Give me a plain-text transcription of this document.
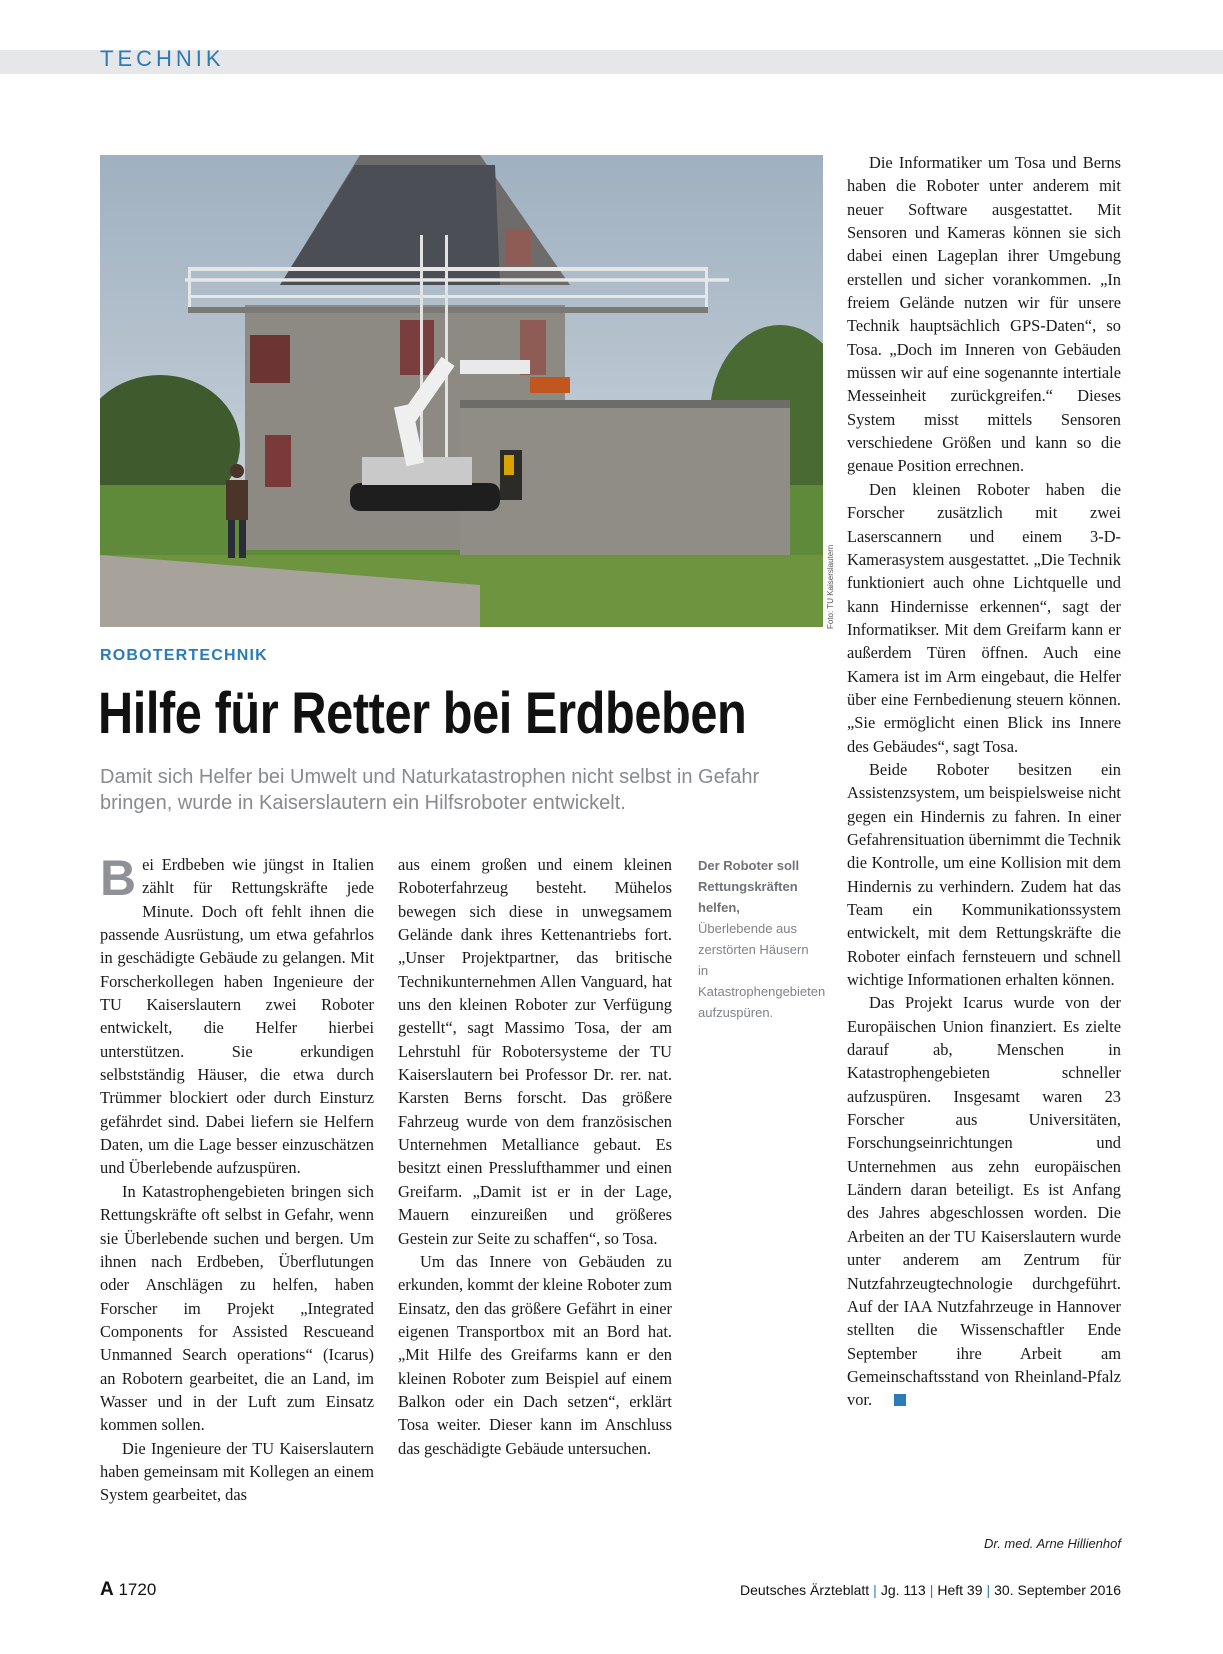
TECHNIK
Foto: TU Kaiserslautern
ROBOTERTECHNIK
Hilfe für Retter bei Erdbeben
Damit sich Helfer bei Umwelt und Naturkatastrophen nicht selbst in Gefahr bringen, wurde in Kaiserslautern ein Hilfsroboter entwickelt.

Bei Erdbeben wie jüngst in Italien zählt für Rettungskräfte jede Minute. Doch oft fehlt ihnen die passende Ausrüstung, um etwa gefahrlos in geschädigte Gebäude zu gelangen. Mit Forscherkollegen haben Ingenieure der TU Kaiserslautern zwei Roboter entwickelt, die Helfer hierbei unterstützen. Sie erkundigen selbstständig Häuser, die etwa durch Trümmer blockiert oder durch Einsturz gefährdet sind. Dabei liefern sie Helfern Daten, um die Lage besser einzuschätzen und Überlebende aufzuspüren.

In Katastrophengebieten bringen sich Rettungskräfte oft selbst in Gefahr, wenn sie Überlebende suchen und bergen. Um ihnen nach Erdbeben, Überflutungen oder Anschlägen zu helfen, haben Forscher im Projekt „Integrated Components for Assisted Rescueand Unmanned Search operations“ (Icarus) an Robotern gearbeitet, die an Land, im Wasser und in der Luft zum Einsatz kommen sollen.

Die Ingenieure der TU Kaiserslautern haben gemeinsam mit Kollegen an einem System gearbeitet, das

aus einem großen und einem kleinen Roboterfahrzeug besteht. Mühelos bewegen sich diese in unwegsamem Gelände dank ihres Kettenantriebs fort. „Unser Projektpartner, das britische Technikunternehmen Allen Vanguard, hat uns den kleinen Roboter zur Verfügung gestellt“, sagt Massimo Tosa, der am Lehrstuhl für Robotersysteme der TU Kaiserslautern bei Professor Dr. rer. nat. Karsten Berns forscht. Das größere Fahrzeug wurde von dem französischen Unternehmen Metalliance gebaut. Es besitzt einen Presslufthammer und einen Greifarm. „Damit ist er in der Lage, Mauern einzureißen und größeres Gestein zur Seite zu schaffen“, so Tosa.

Um das Innere von Gebäuden zu erkunden, kommt der kleine Roboter zum Einsatz, den das größere Gefährt in einer eigenen Transportbox mit an Bord hat. „Mit Hilfe des Greifarms kann er den kleinen Roboter zum Beispiel auf einem Balkon oder ein Dach setzen“, erklärt Tosa weiter. Dieser kann im Anschluss das geschädigte Gebäude untersuchen.

Der Roboter soll Rettungskräften helfen, Überlebende aus zerstörten Häusern in Katastrophengebieten aufzuspüren.

Die Informatiker um Tosa und Berns haben die Roboter unter anderem mit neuer Software ausgestattet. Mit Sensoren und Kameras können sie sich dabei einen Lageplan ihrer Umgebung erstellen und sicher vorankommen. „In freiem Gelände nutzen wir für unsere Technik hauptsächlich GPS-Daten“, so Tosa. „Doch im Inneren von Gebäuden müssen wir auf eine sogenannte intertiale Messeinheit zurückgreifen.“ Dieses System misst mittels Sensoren verschiedene Größen und kann so die genaue Position errechnen.

Den kleinen Roboter haben die Forscher zusätzlich mit zwei Laserscannern und einem 3-D-Kamerasystem ausgestattet. „Die Technik funktioniert auch ohne Lichtquelle und kann Hindernisse erkennen“, sagt der Informatikser. Mit dem Greifarm kann er außerdem Türen öffnen. Auch eine Kamera ist im Arm eingebaut, die Helfer über eine Fernbedienung steuern können. „Sie ermöglicht einen Blick ins Innere des Gebäudes“, sagt Tosa.

Beide Roboter besitzen ein Assistenzsystem, um beispielsweise nicht gegen ein Hindernis zu fahren. In einer Gefahrensituation übernimmt die Technik die Kontrolle, um eine Kollision mit dem Hindernis zu verhindern. Zudem hat das Team ein Kommunikationssystem entwickelt, mit dem Rettungskräfte die Roboter einfach fernsteuern und schnell wichtige Informationen erhalten können.

Das Projekt Icarus wurde von der Europäischen Union finanziert. Es zielte darauf ab, Menschen in Katastrophengebieten schneller aufzuspüren. Insgesamt waren 23 Forscher aus Universitäten, Forschungseinrichtungen und Unternehmen aus zehn europäischen Ländern daran beteiligt. Es ist Anfang des Jahres abgeschlossen worden. Die Arbeiten an der TU Kaiserslautern wurde unter anderem am Zentrum für Nutzfahrzeugtechnologie durchgeführt. Auf der IAA Nutzfahrzeuge in Hannover stellten die Wissenschaftler Ende September ihre Arbeit am Gemeinschaftsstand von Rheinland-Pfalz vor.

Dr. med. Arne Hillienhof
A 1720	Deutsches Ärzteblatt | Jg. 113 | Heft 39 | 30. September 2016
